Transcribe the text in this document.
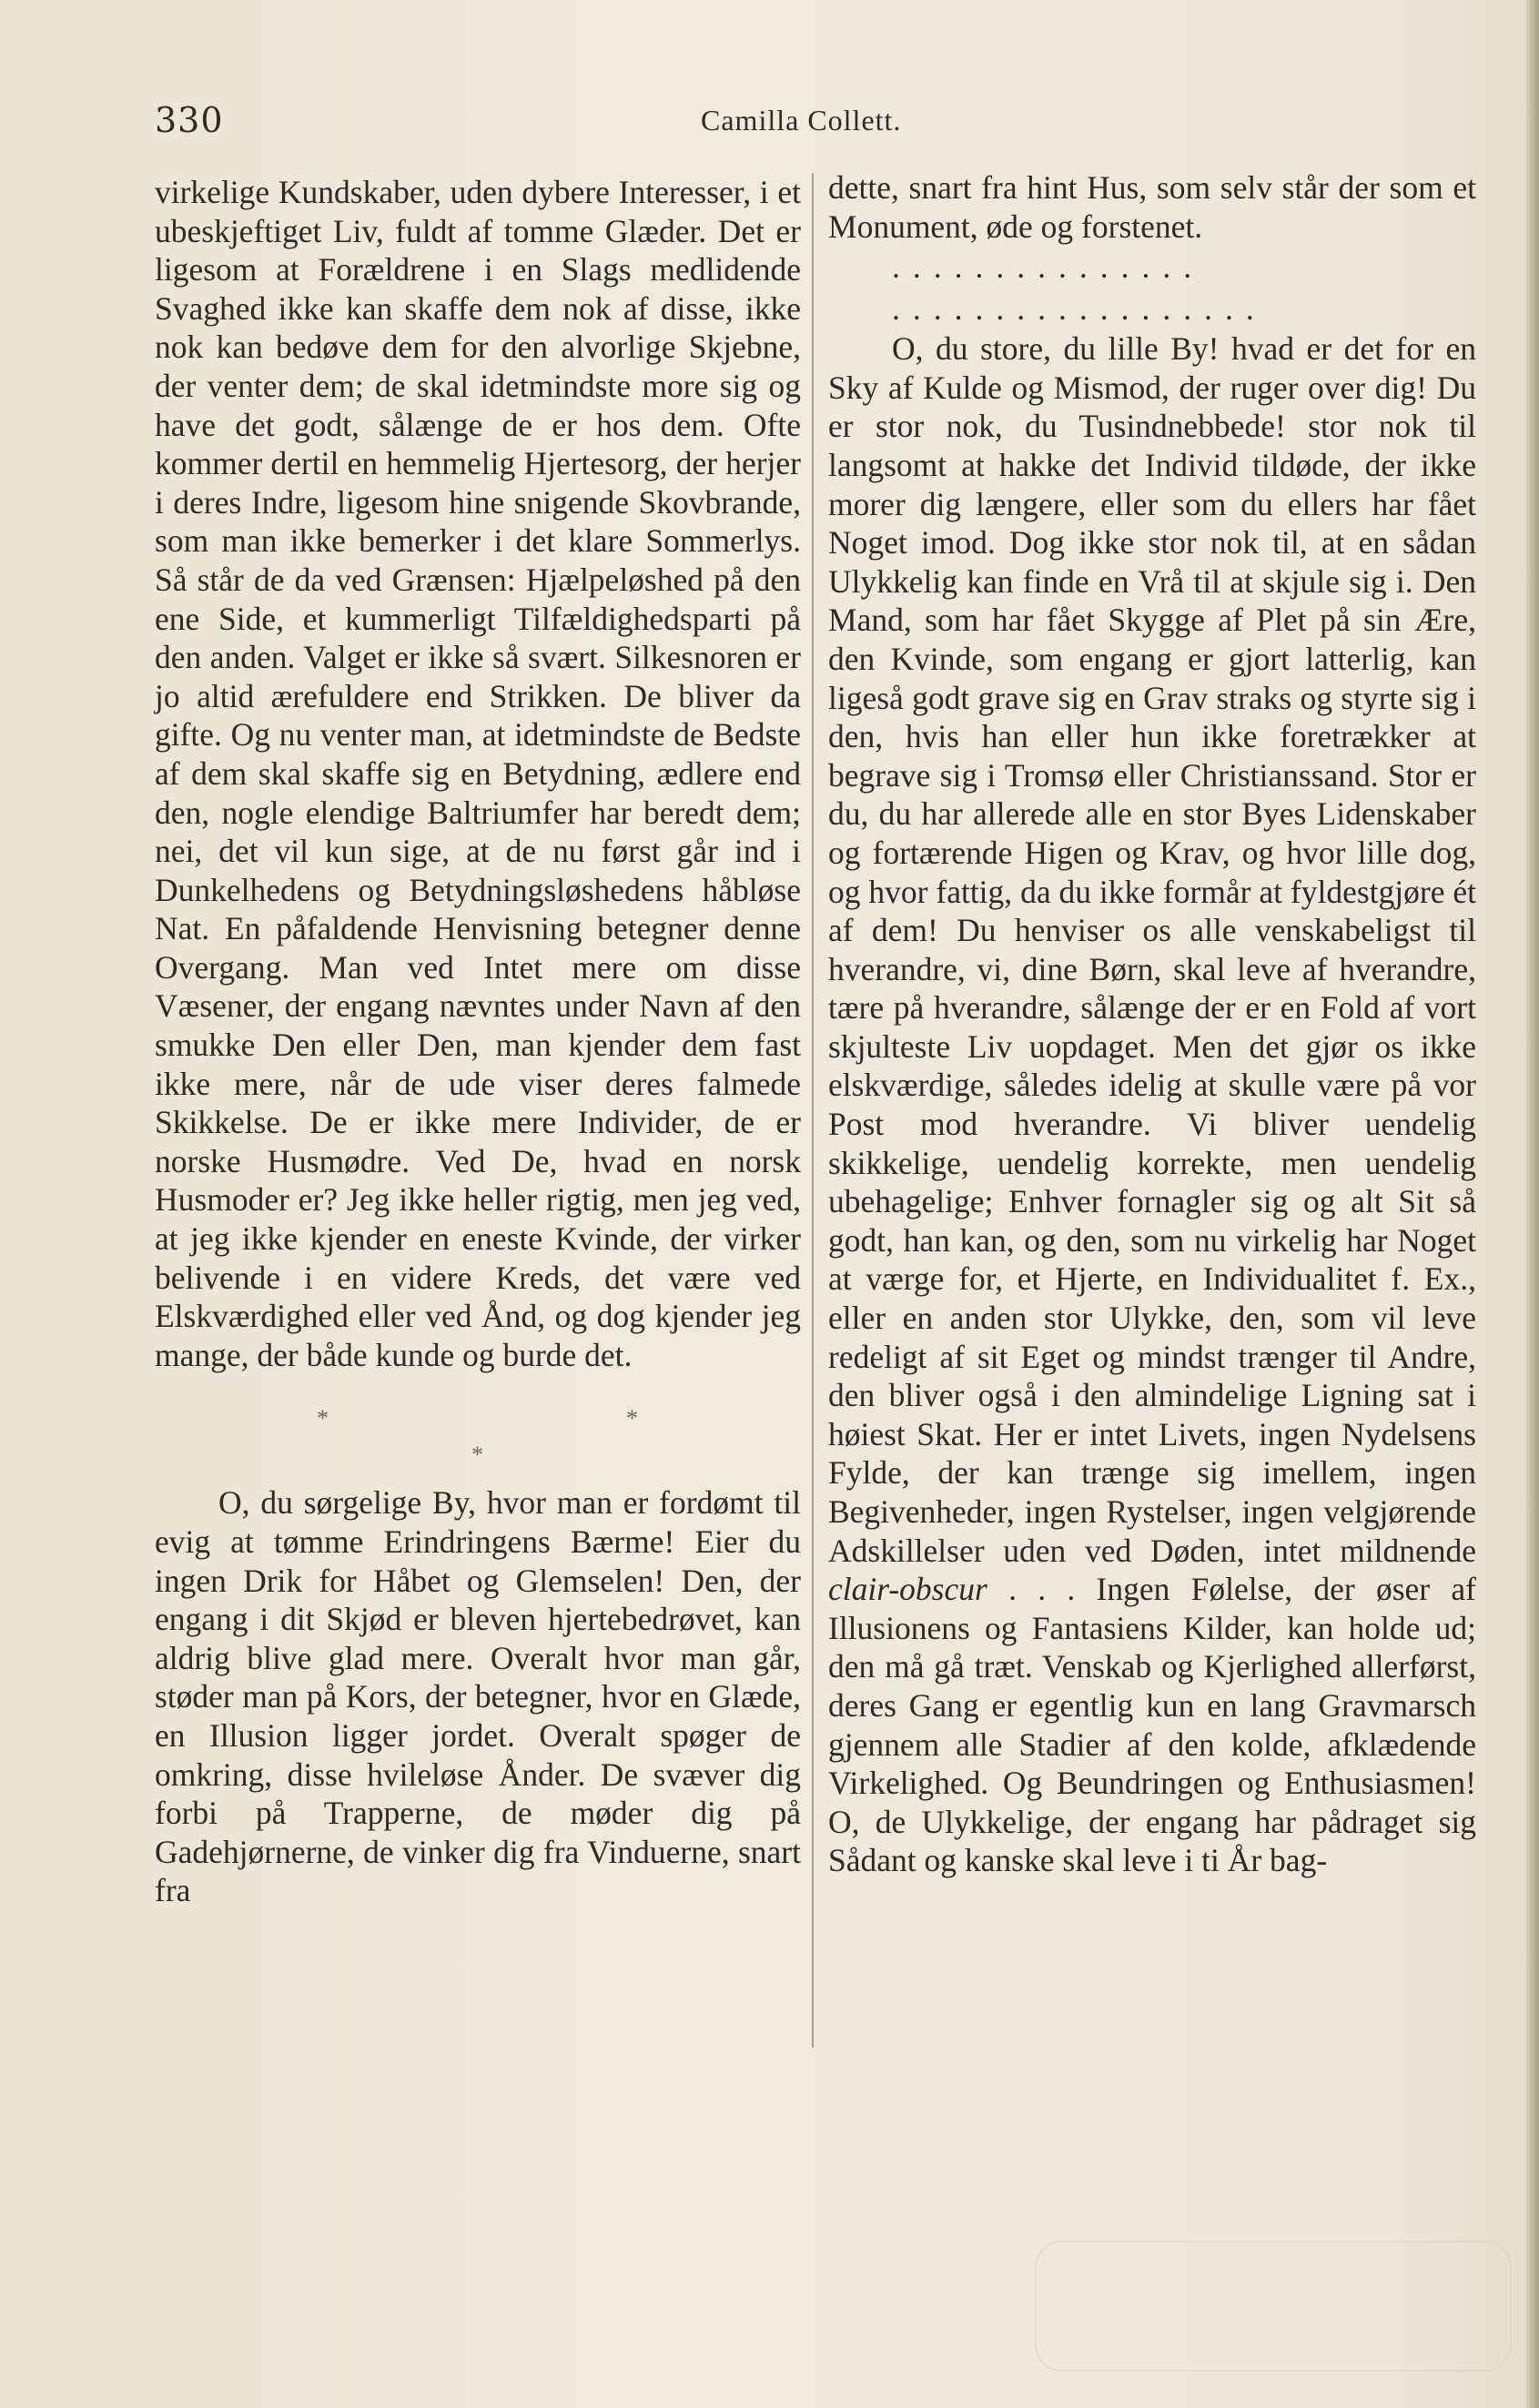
330	Camilla Collett.

virkelige Kundskaber, uden dybere Interesser, i et ubeskjeftiget Liv, fuldt af tomme Glæder. Det er ligesom at Forældrene i en Slags medlidende Svaghed ikke kan skaffe dem nok af disse, ikke nok kan bedøve dem for den alvorlige Skjebne, der venter dem; de skal idetmindste more sig og have det godt, sålænge de er hos dem. Ofte kommer dertil en hemmelig Hjertesorg, der herjer i deres Indre, ligesom hine snigende Skovbrande, som man ikke bemerker i det klare Sommerlys. Så står de da ved Grænsen: Hjælpeløshed på den ene Side, et kummerligt Tilfældighedsparti på den anden. Valget er ikke så svært. Silkesnoren er jo altid ærefuldere end Strikken. De bliver da gifte. Og nu venter man, at idetmindste de Bedste af dem skal skaffe sig en Betydning, ædlere end den, nogle elendige Baltriumfer har beredt dem; nei, det vil kun sige, at de nu først går ind i Dunkelhedens og Betydningsløshedens håbløse Nat. En påfaldende Henvisning betegner denne Overgang. Man ved Intet mere om disse Væsener, der engang nævntes under Navn af den smukke Den eller Den, man kjender dem fast ikke mere, når de ude viser deres falmede Skikkelse. De er ikke mere Individer, de er norske Husmødre. Ved De, hvad en norsk Husmoder er? Jeg ikke heller rigtig, men jeg ved, at jeg ikke kjender en eneste Kvinde, der virker belivende i en videre Kreds, det være ved Elskværdighed eller ved Ånd, og dog kjender jeg mange, der både kunde og burde det.

*	*
*

O, du sørgelige By, hvor man er fordømt til evig at tømme Erindringens Bærme! Eier du ingen Drik for Håbet og Glemselen! Den, der engang i dit Skjød er bleven hjertebedrøvet, kan aldrig blive glad mere. Overalt hvor man går, støder man på Kors, der betegner, hvor en Glæde, en Illusion ligger jordet. Overalt spøger de omkring, disse hvileløse Ånder. De svæver dig forbi på Trapperne, de møder dig på Gadehjørnerne, de vinker dig fra Vinduerne, snart fra

dette, snart fra hint Hus, som selv står der som et Monument, øde og forstenet.

...............

..................

O, du store, du lille By! hvad er det for en Sky af Kulde og Mismod, der ruger over dig! Du er stor nok, du Tusindnebbede! stor nok til langsomt at hakke det Individ tildøde, der ikke morer dig længere, eller som du ellers har fået Noget imod. Dog ikke stor nok til, at en sådan Ulykkelig kan finde en Vrå til at skjule sig i. Den Mand, som har fået Skygge af Plet på sin Ære, den Kvinde, som engang er gjort latterlig, kan ligeså godt grave sig en Grav straks og styrte sig i den, hvis han eller hun ikke foretrækker at begrave sig i Tromsø eller Christianssand. Stor er du, du har allerede alle en stor Byes Lidenskaber og fortærende Higen og Krav, og hvor lille dog, og hvor fattig, da du ikke formår at fyldestgjøre ét af dem! Du henviser os alle venskabeligst til hverandre, vi, dine Børn, skal leve af hverandre, tære på hverandre, sålænge der er en Fold af vort skjulteste Liv uopdaget. Men det gjør os ikke elskværdige, således idelig at skulle være på vor Post mod hverandre. Vi bliver uendelig skikkelige, uendelig korrekte, men uendelig ubehagelige; Enhver fornagler sig og alt Sit så godt, han kan, og den, som nu virkelig har Noget at værge for, et Hjerte, en Individualitet f. Ex., eller en anden stor Ulykke, den, som vil leve redeligt af sit Eget og mindst trænger til Andre, den bliver også i den almindelige Ligning sat i høiest Skat. Her er intet Livets, ingen Nydelsens Fylde, der kan trænge sig imellem, ingen Begivenheder, ingen Rystelser, ingen velgjørende Adskillelser uden ved Døden, intet mildnende clair-obscur . . . Ingen Følelse, der øser af Illusionens og Fantasiens Kilder, kan holde ud; den må gå træt. Venskab og Kjerlighed allerførst, deres Gang er egentlig kun en lang Gravmarsch gjennem alle Stadier af den kolde, afklædende Virkelighed. Og Beundringen og Enthusiasmen! O, de Ulykkelige, der engang har pådraget sig Sådant og kanske skal leve i ti År bag-
